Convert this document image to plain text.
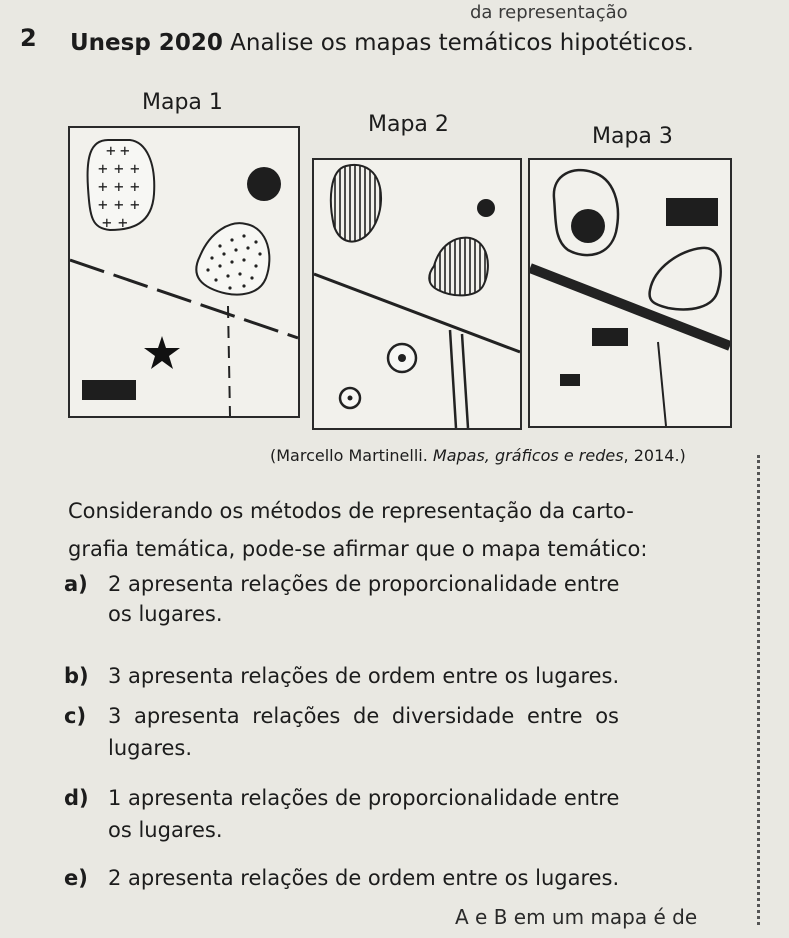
da representação
2 Unesp 2020 Analise os mapas temáticos hipotéticos.
Mapa 1
Mapa 2	Mapa 3
+ +
+ + +
+ + +
+ + +
+ +
(Marcello Martinelli. Mapas, gráficos e redes, 2014.)
Considerando os métodos de representação da carto-
grafia temática, pode-se afirmar que o mapa temático:
a) 2 apresenta relações de proporcionalidade entre
os lugares.
b) 3 apresenta relações de ordem entre os lugares.
c) 3 apresenta relações de diversidade entre os
lugares.
d) 1 apresenta relações de proporcionalidade entre
os lugares.
e) 2 apresenta relações de ordem entre os lugares.
A e B em um mapa é de
